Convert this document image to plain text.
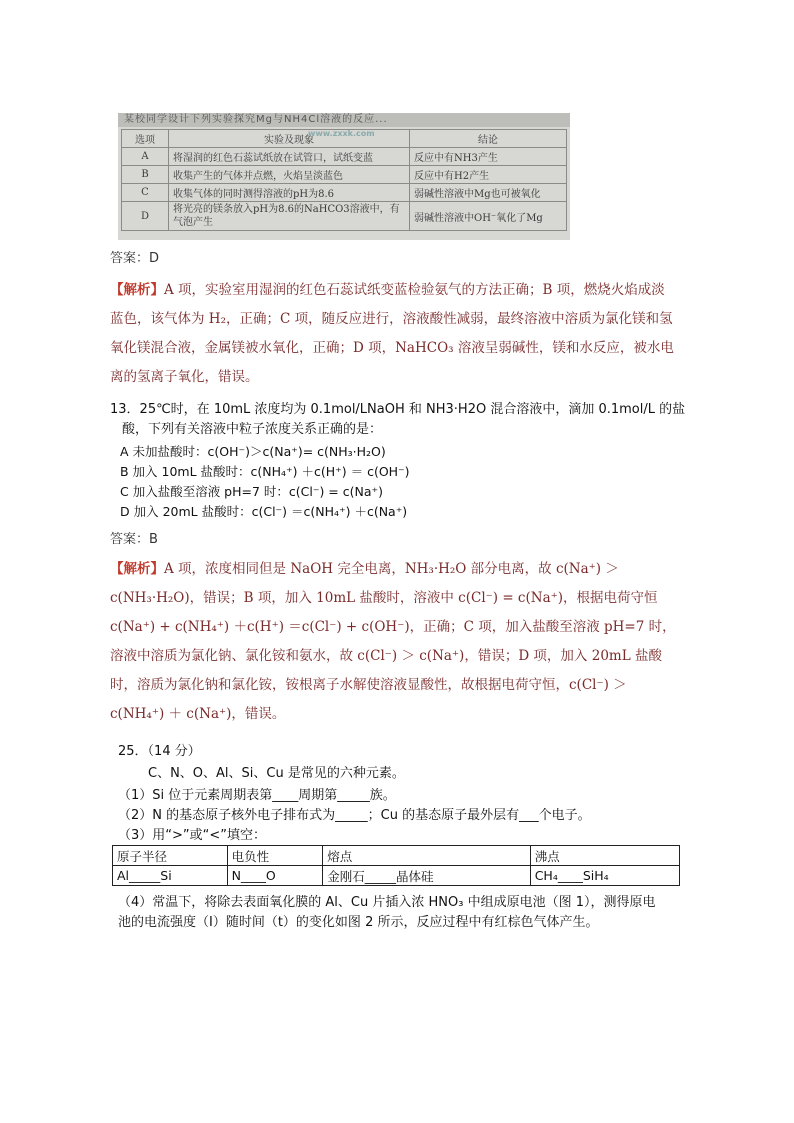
某校同学设计下列实验探究Mg与NH4Cl溶液的反应...
选项	实验及现象	结论
A	将湿润的红色石蕊试纸放在试管口，试纸变蓝	反应中有NH3产生
B	收集产生的气体并点燃，火焰呈淡蓝色	反应中有H2产生
C	收集气体的同时测得溶液的pH为8.6	弱碱性溶液中Mg也可被氧化
D	将光亮的镁条放入pH为8.6的NaHCO3溶液中，有气泡产生	弱碱性溶液中OH⁻氧化了Mg
www.zxxk.com
答案：D
【解析】A 项，实验室用湿润的红色石蕊试纸变蓝检验氨气的方法正确；B 项，燃烧火焰成淡蓝色，该气体为 H₂，正确；C 项，随反应进行，溶液酸性减弱，最终溶液中溶质为氯化镁和氢氧化镁混合液，金属镁被水氧化，正确；D 项，NaHCO₃ 溶液呈弱碱性，镁和水反应，被水电离的氢离子氧化，错误。
13．25℃时，在 10mL 浓度均为 0.1mol/LNaOH 和 NH3·H2O 混合溶液中，滴加 0.1mol/L 的盐
酸，下列有关溶液中粒子浓度关系正确的是：
A 未加盐酸时：c(OH⁻)＞c(Na⁺)= c(NH₃·H₂O)
B 加入 10mL 盐酸时：c(NH₄⁺) ＋c(H⁺) ＝ c(OH⁻)
C 加入盐酸至溶液 pH=7 时：c(Cl⁻) = c(Na⁺)
D 加入 20mL 盐酸时：c(Cl⁻) ＝c(NH₄⁺) ＋c(Na⁺)
答案：B
【解析】A 项，浓度相同但是 NaOH 完全电离，NH₃·H₂O 部分电离，故 c(Na⁺) ＞ c(NH₃·H₂O)，错误；B 项，加入 10mL 盐酸时，溶液中 c(Cl⁻) = c(Na⁺)，根据电荷守恒 c(Na⁺) + c(NH₄⁺) ＋c(H⁺) ＝c(Cl⁻) + c(OH⁻)，正确；C 项，加入盐酸至溶液 pH=7 时，溶液中溶质为氯化钠、氯化铵和氨水，故 c(Cl⁻) ＞ c(Na⁺)，错误；D 项，加入 20mL 盐酸时，溶质为氯化钠和氯化铵，铵根离子水解使溶液显酸性，故根据电荷守恒，c(Cl⁻) ＞c(NH₄⁺) ＋ c(Na⁺)，错误。
25．（14 分）
C、N、O、Al、Si、Cu 是常见的六种元素。
（1）Si 位于元素周期表第____周期第_____族。
（2）N 的基态原子核外电子排布式为_____；Cu 的基态原子最外层有___个电子。
（3）用“>”或“<”填空：
原子半径	电负性	熔点	沸点
Al_____Si	N____O	金刚石_____晶体硅	CH₄____SiH₄
（4）常温下，将除去表面氧化膜的 Al、Cu 片插入浓 HNO₃ 中组成原电池（图 1），测得原电
池的电流强度（I）随时间（t）的变化如图 2 所示，反应过程中有红棕色气体产生。
